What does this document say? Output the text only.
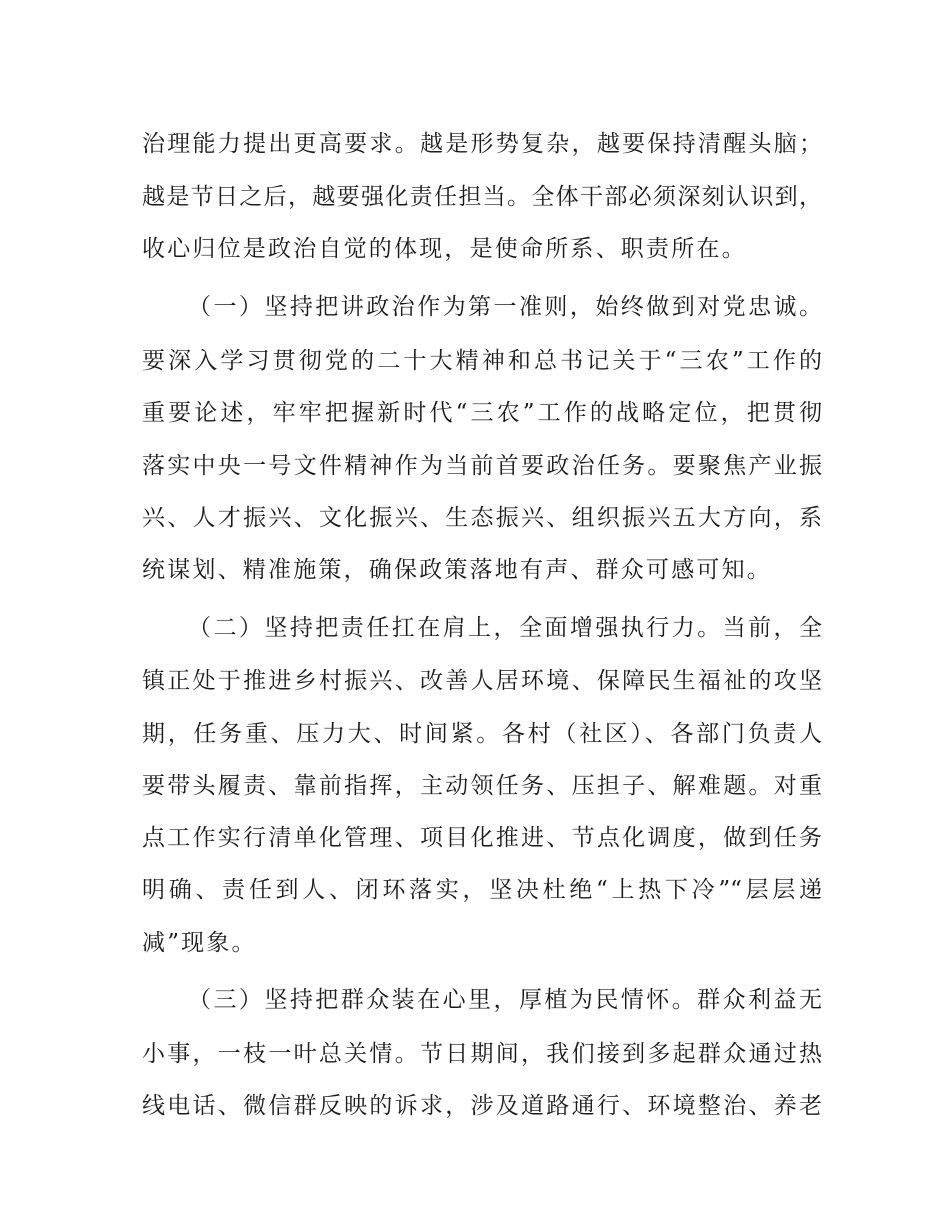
治理能力提出更高要求。越是形势复杂，越要保持清醒头脑；
越是节日之后，越要强化责任担当。全体干部必须深刻认识到，
收心归位是政治自觉的体现，是使命所系、职责所在。
（一）坚持把讲政治作为第一准则，始终做到对党忠诚。
要深入学习贯彻党的二十大精神和总书记关于“三农”工作的
重要论述，牢牢把握新时代“三农”工作的战略定位，把贯彻
落实中央一号文件精神作为当前首要政治任务。要聚焦产业振
兴、人才振兴、文化振兴、生态振兴、组织振兴五大方向，系
统谋划、精准施策，确保政策落地有声、群众可感可知。
（二）坚持把责任扛在肩上，全面增强执行力。当前，全
镇正处于推进乡村振兴、改善人居环境、保障民生福祉的攻坚
期，任务重、压力大、时间紧。各村（社区）、各部门负责人
要带头履责、靠前指挥，主动领任务、压担子、解难题。对重
点工作实行清单化管理、项目化推进、节点化调度，做到任务
明确、责任到人、闭环落实，坚决杜绝“上热下冷”“层层递
减”现象。
（三）坚持把群众装在心里，厚植为民情怀。群众利益无
小事，一枝一叶总关情。节日期间，我们接到多起群众通过热
线电话、微信群反映的诉求，涉及道路通行、环境整治、养老
